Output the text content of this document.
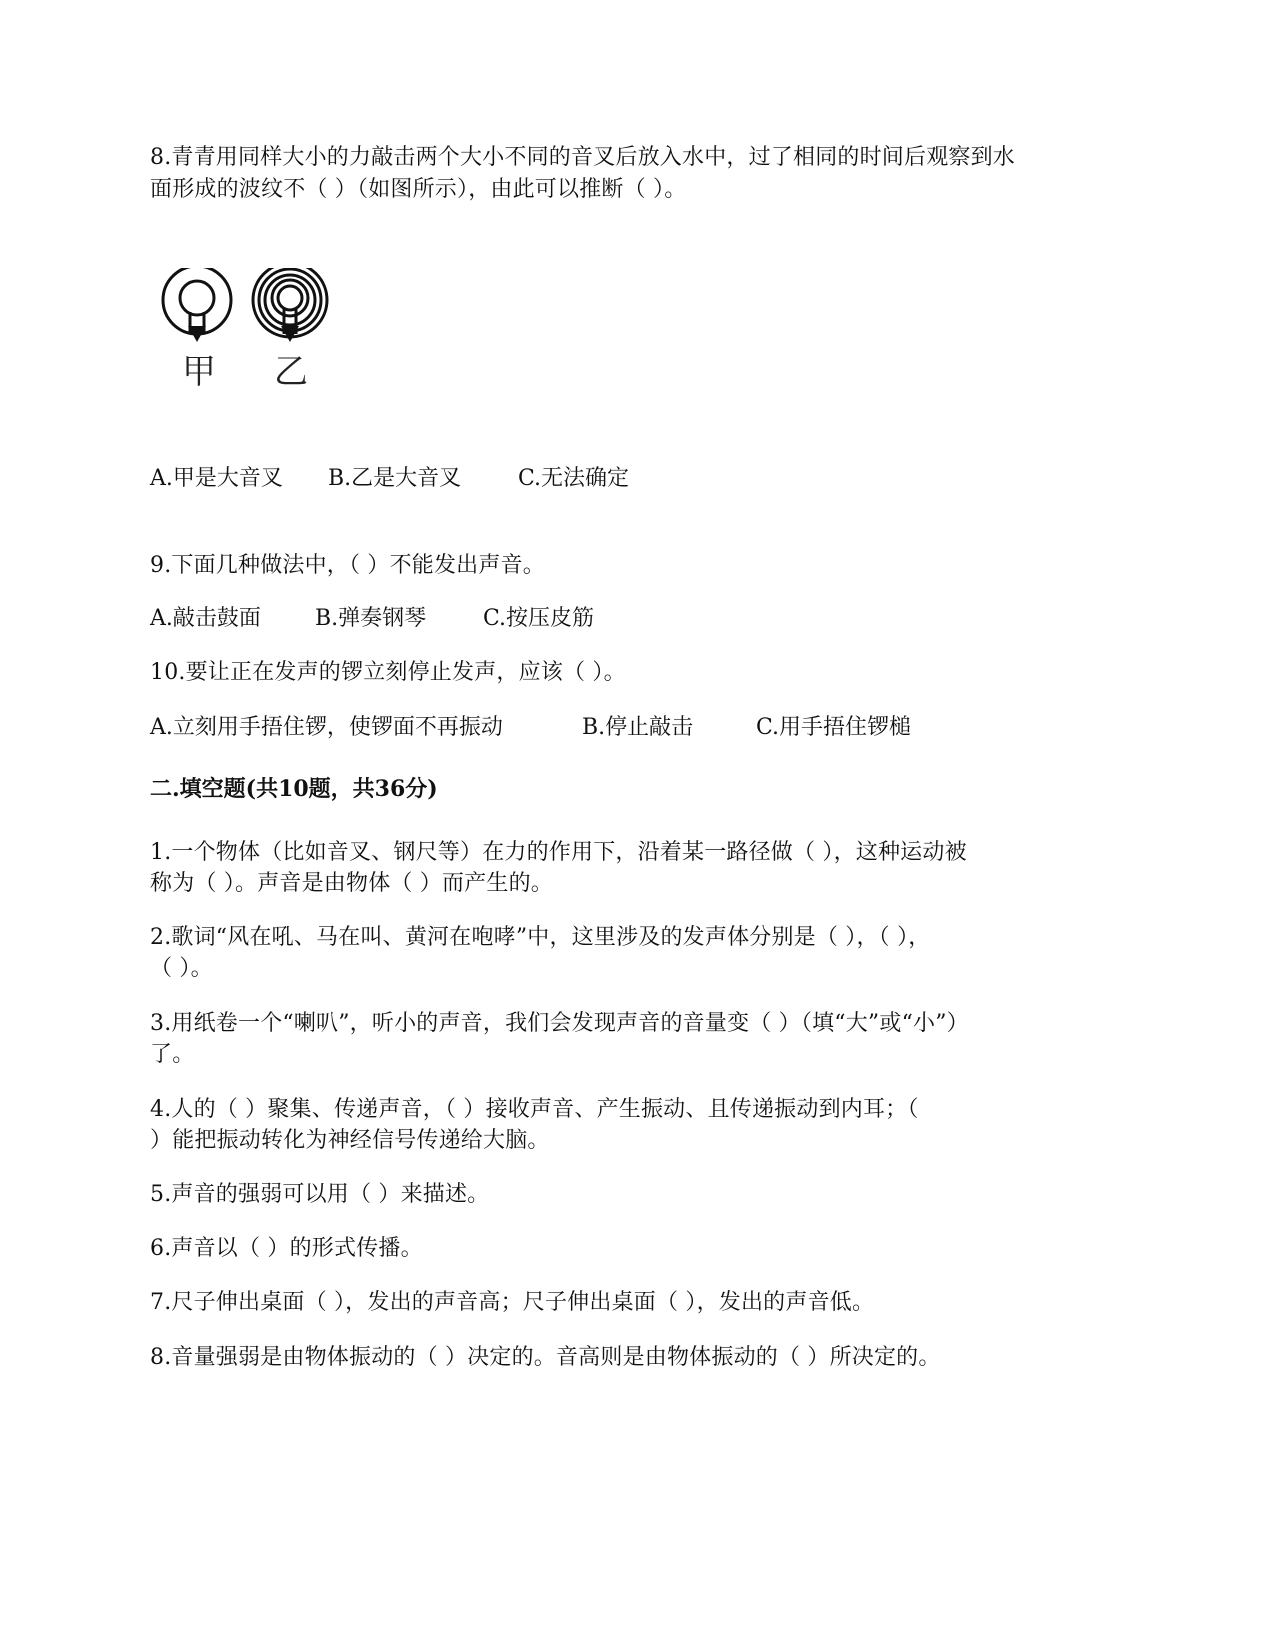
8.青青用同样大小的力敲击两个大小不同的音叉后放入水中，过了相同的时间后观察到水
面形成的波纹不（ ）（如图所示），由此可以推断（ ）。
甲 乙
A.甲是大音叉 B.乙是大音叉	C.无法确定
9.下面几种做法中，（ ）不能发出声音。
A.敲击鼓面 B.弹奏钢琴	C.按压皮筋
10.要让正在发声的锣立刻停止发声，应该（ ）。
A.立刻用手捂住锣，使锣面不再振动	B.停止敲击	C.用手捂住锣槌
二.填空题(共10题，共36分)
1.一个物体（比如音叉、钢尺等）在力的作用下，沿着某一路径做（ ），这种运动被
称为（ ）。声音是由物体（ ）而产生的。
2.歌词“风在吼、马在叫、黄河在咆哮”中，这里涉及的发声体分别是（ ），（ ），
（ ）。
3.用纸卷一个“喇叭”，听小的声音，我们会发现声音的音量变（ ）（填“大”或“小”）
了。
4.人的（ ）聚集、传递声音，（ ）接收声音、产生振动、且传递振动到内耳；（
）能把振动转化为神经信号传递给大脑。
5.声音的强弱可以用（ ）来描述。
6.声音以（ ）的形式传播。
7.尺子伸出桌面（ ），发出的声音高；尺子伸出桌面（ ），发出的声音低。
8.音量强弱是由物体振动的（ ）决定的。音高则是由物体振动的（ ）所决定的。
